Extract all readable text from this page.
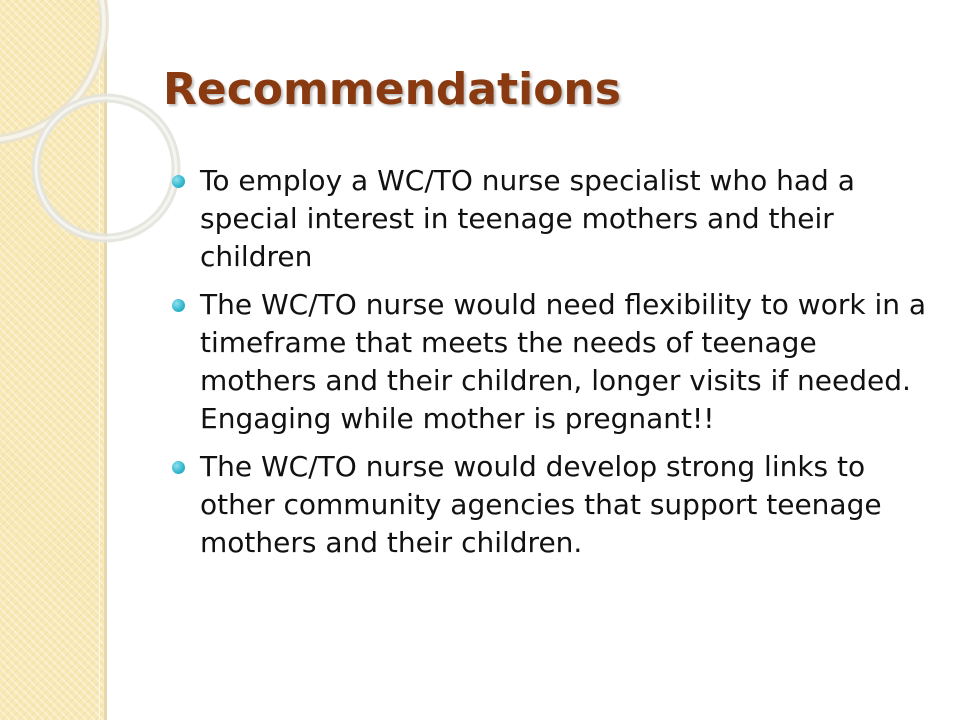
Recommendations
To employ a WC/TO nurse specialist who had a special interest in teenage mothers and their children
The WC/TO nurse would need flexibility to work in a timeframe that meets the needs of teenage mothers and their children, longer visits if needed. Engaging while mother is pregnant!!
The WC/TO nurse would develop strong links to other community agencies that support teenage mothers and their children.
